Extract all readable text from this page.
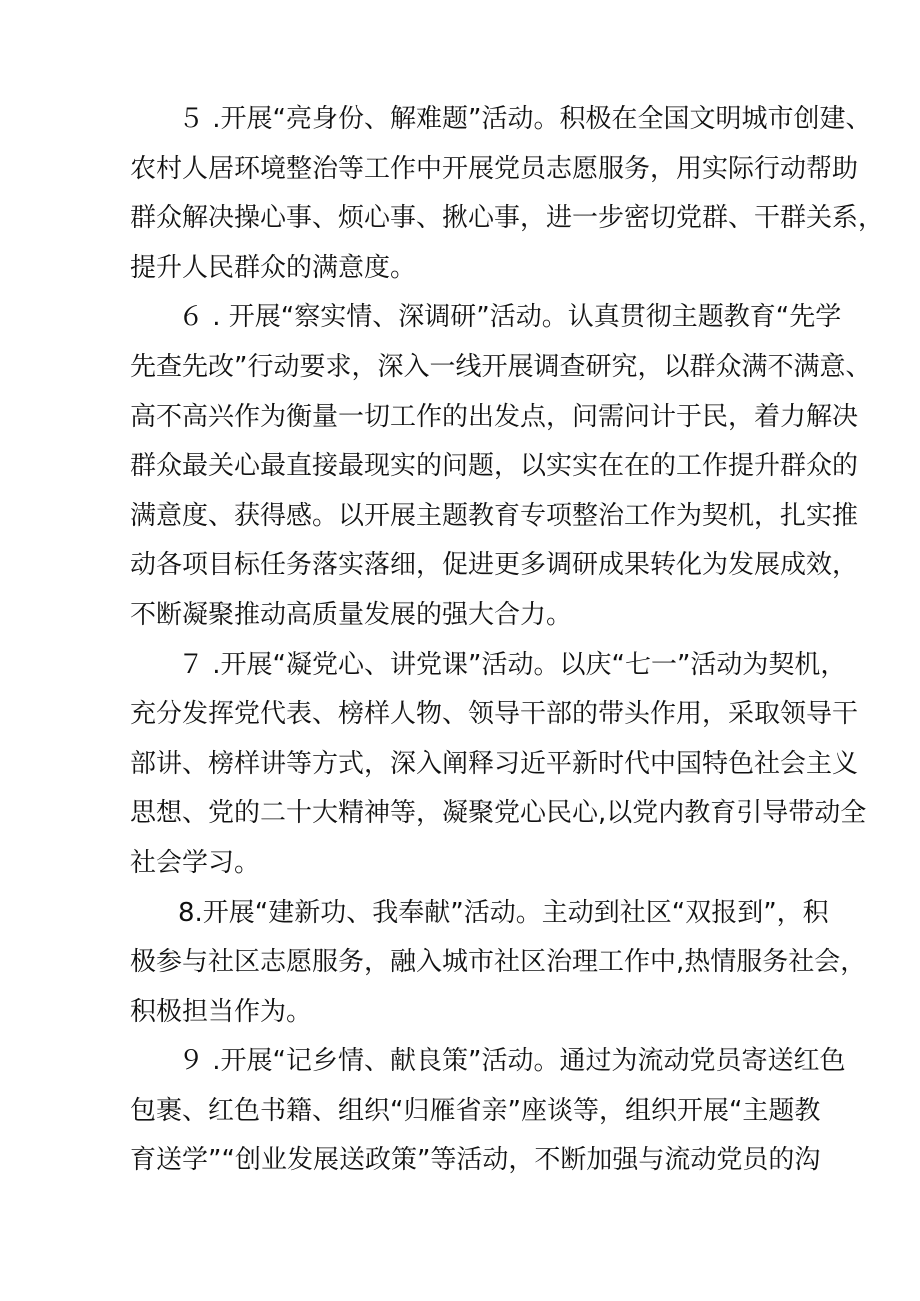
５ .开展“亮身份、解难题”活动。积极在全国文明城市创建、
农村人居环境整治等工作中开展党员志愿服务，用实际行动帮助
群众解决操心事、烦心事、揪心事，进一步密切党群、干群关系，
提升人民群众的满意度。
６ . 开展“察实情、深调研”活动。认真贯彻主题教育“先学
先查先改”行动要求，深入一线开展调查研究，以群众满不满意、
高不高兴作为衡量一切工作的出发点，问需问计于民，着力解决
群众最关心最直接最现实的问题，以实实在在的工作提升群众的
满意度、获得感。以开展主题教育专项整治工作为契机，扎实推
动各项目标任务落实落细，促进更多调研成果转化为发展成效，
不断凝聚推动高质量发展的强大合力。
７ .开展“凝党心、讲党课”活动。以庆“七一”活动为契机，
充分发挥党代表、榜样人物、领导干部的带头作用，采取领导干
部讲、榜样讲等方式，深入阐释习近平新时代中国特色社会主义
思想、党的二十大精神等，凝聚党心民心,以党内教育引导带动全
社会学习。
8.开展“建新功、我奉献”活动。主动到社区“双报到”，积
极参与社区志愿服务，融入城市社区治理工作中,热情服务社会，
积极担当作为。
９ .开展“记乡情、献良策”活动。通过为流动党员寄送红色
包裹、红色书籍、组织“归雁省亲”座谈等，组织开展“主题教
育送学”“创业发展送政策”等活动，不断加强与流动党员的沟
